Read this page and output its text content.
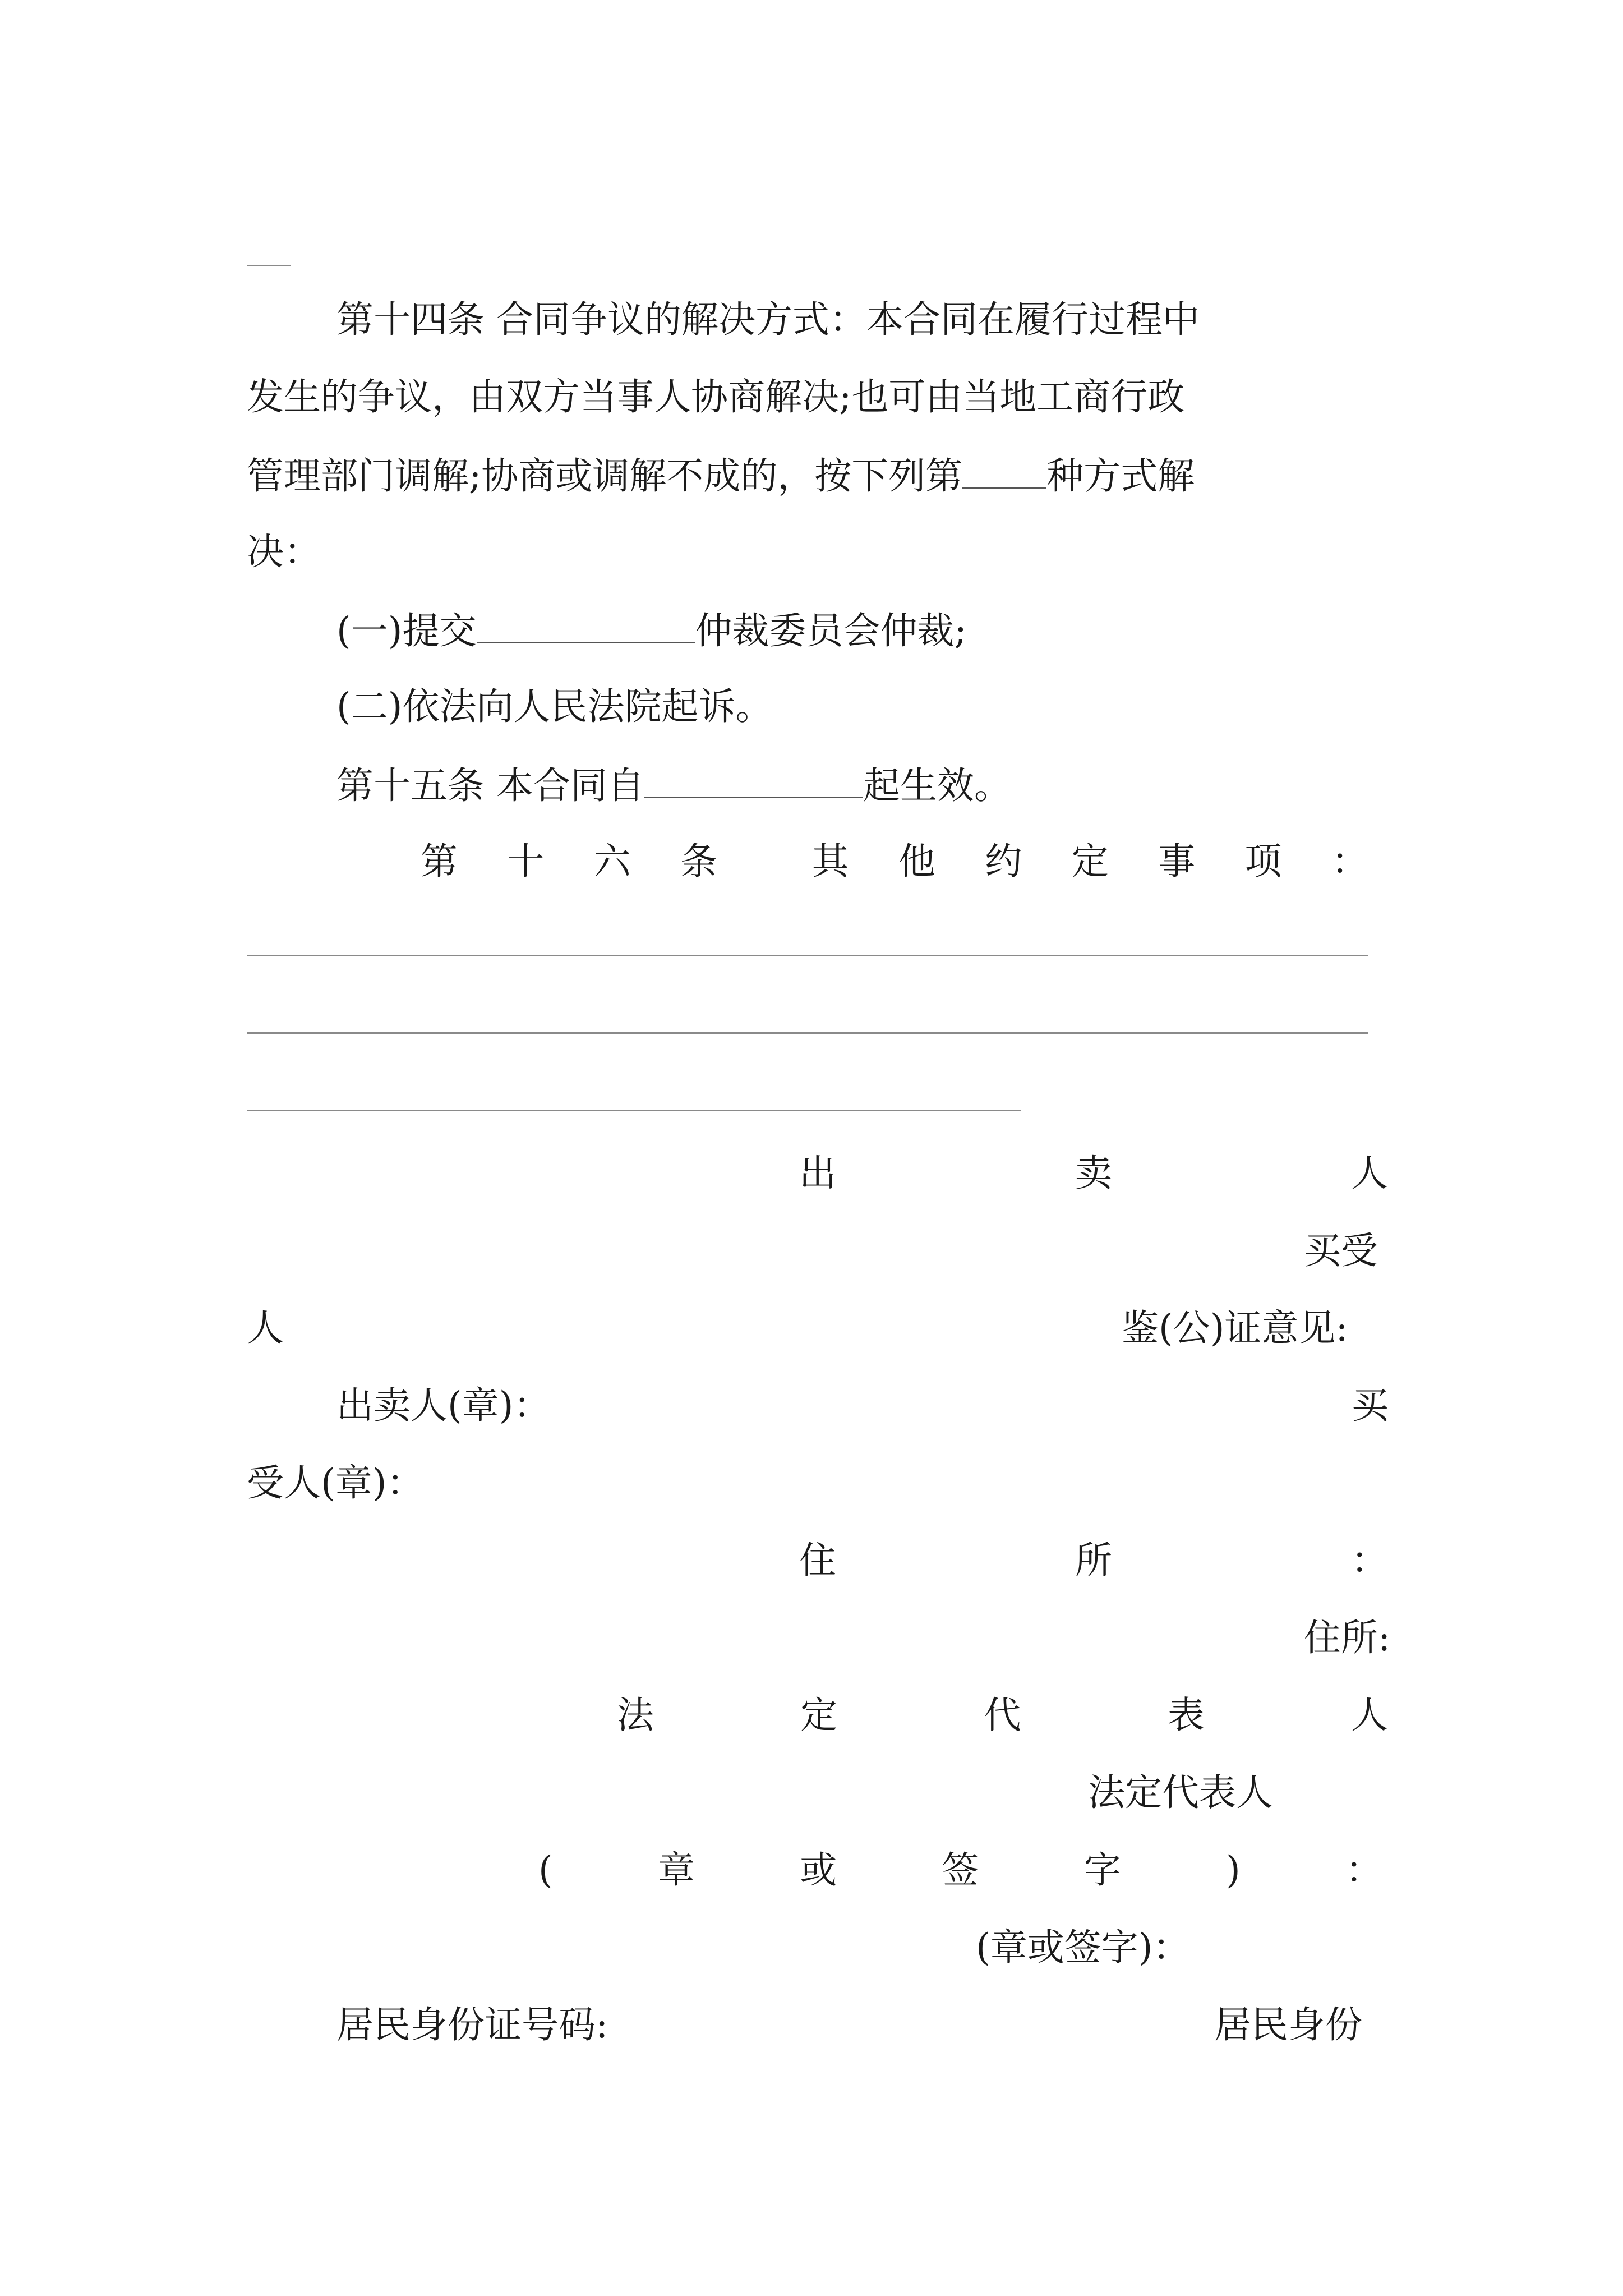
第十四条 合同争议的解决方式：本合同在履行过程中
发生的争议，由双方当事人协商解决;也可由当地工商行政
管理部门调解;协商或调解不成的，按下列第 种方式解
决：
(一)提交	仲裁委员会仲裁;
(二)依法向人民法院起诉。
第十五条 本合同自	起生效。
第 十 六 条	其 他 约 定 事 项 ：
出	卖	人
买受
人	鉴(公)证意见:
出卖人(章)：	买
受人(章)：
住	所	：
住所:
法	定	代	表	人
法定代表人
(	章	或	签	字	)	：
(章或签字)：
居民身份证号码:	居民身份
